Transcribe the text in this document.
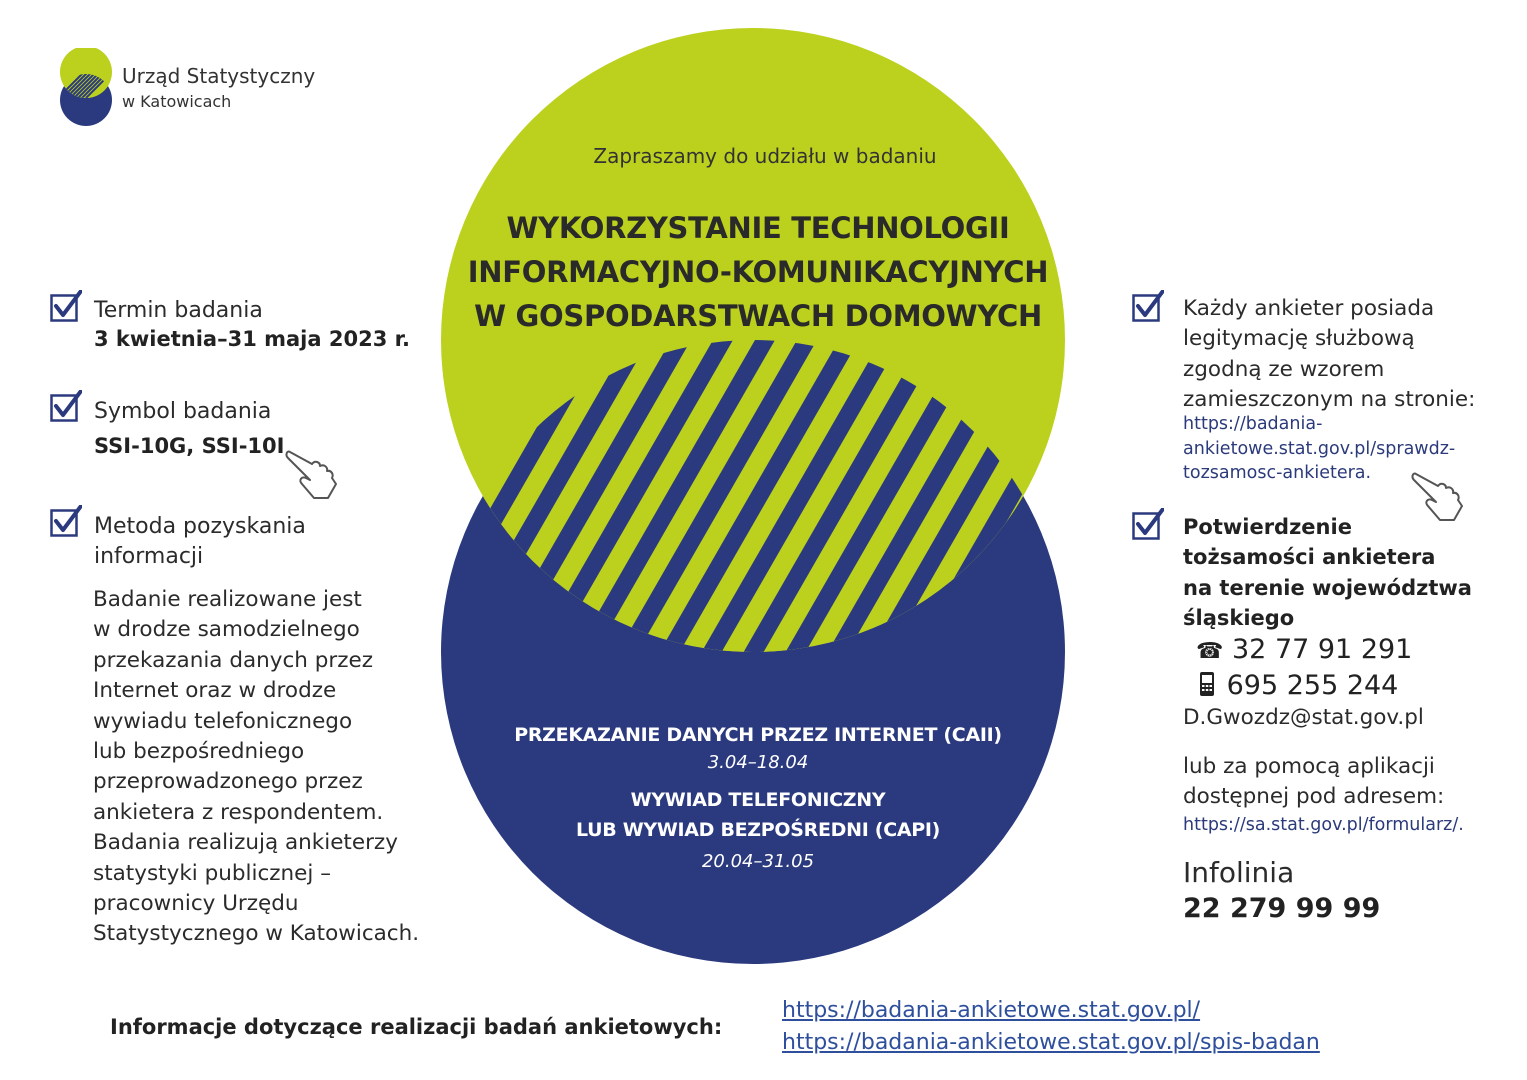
Urząd Statystyczny
w Katowicach
Zapraszamy do udziału w badaniu
WYKORZYSTANIE TECHNOLOGII
INFORMACYJNO-KOMUNIKACYJNYCH
W GOSPODARSTWACH DOMOWYCH
PRZEKAZANIE DANYCH PRZEZ INTERNET (CAII)
3.04–18.04
WYWIAD TELEFONICZNY
LUB WYWIAD BEZPOŚREDNI (CAPI)
20.04–31.05
Termin badania
3 kwietnia–31 maja 2023 r.
Symbol badania
SSI-10G, SSI-10I
Metoda pozyskania
informacji
Badanie realizowane jest
w drodze samodzielnego
przekazania danych przez
Internet oraz w drodze
wywiadu telefonicznego
lub bezpośredniego
przeprowadzonego przez
ankietera z respondentem.
Badania realizują ankieterzy
statystyki publicznej –
pracownicy Urzędu
Statystycznego w Katowicach.
Każdy ankieter posiada
legitymację służbową
zgodną ze wzorem
zamieszczonym na stronie:
https://badania-
ankietowe.stat.gov.pl/sprawdz-
tozsamosc-ankietera.
Potwierdzenie
tożsamości ankietera
na terenie województwa
śląskiego
☎ 32 77 91 291
695 255 244
D.Gwozdz@stat.gov.pl
lub za pomocą aplikacji
dostępnej pod adresem:
https://sa.stat.gov.pl/formularz/.
Infolinia
22 279 99 99
Informacje dotyczące realizacji badań ankietowych:
https://badania-ankietowe.stat.gov.pl/
https://badania-ankietowe.stat.gov.pl/spis-badan
